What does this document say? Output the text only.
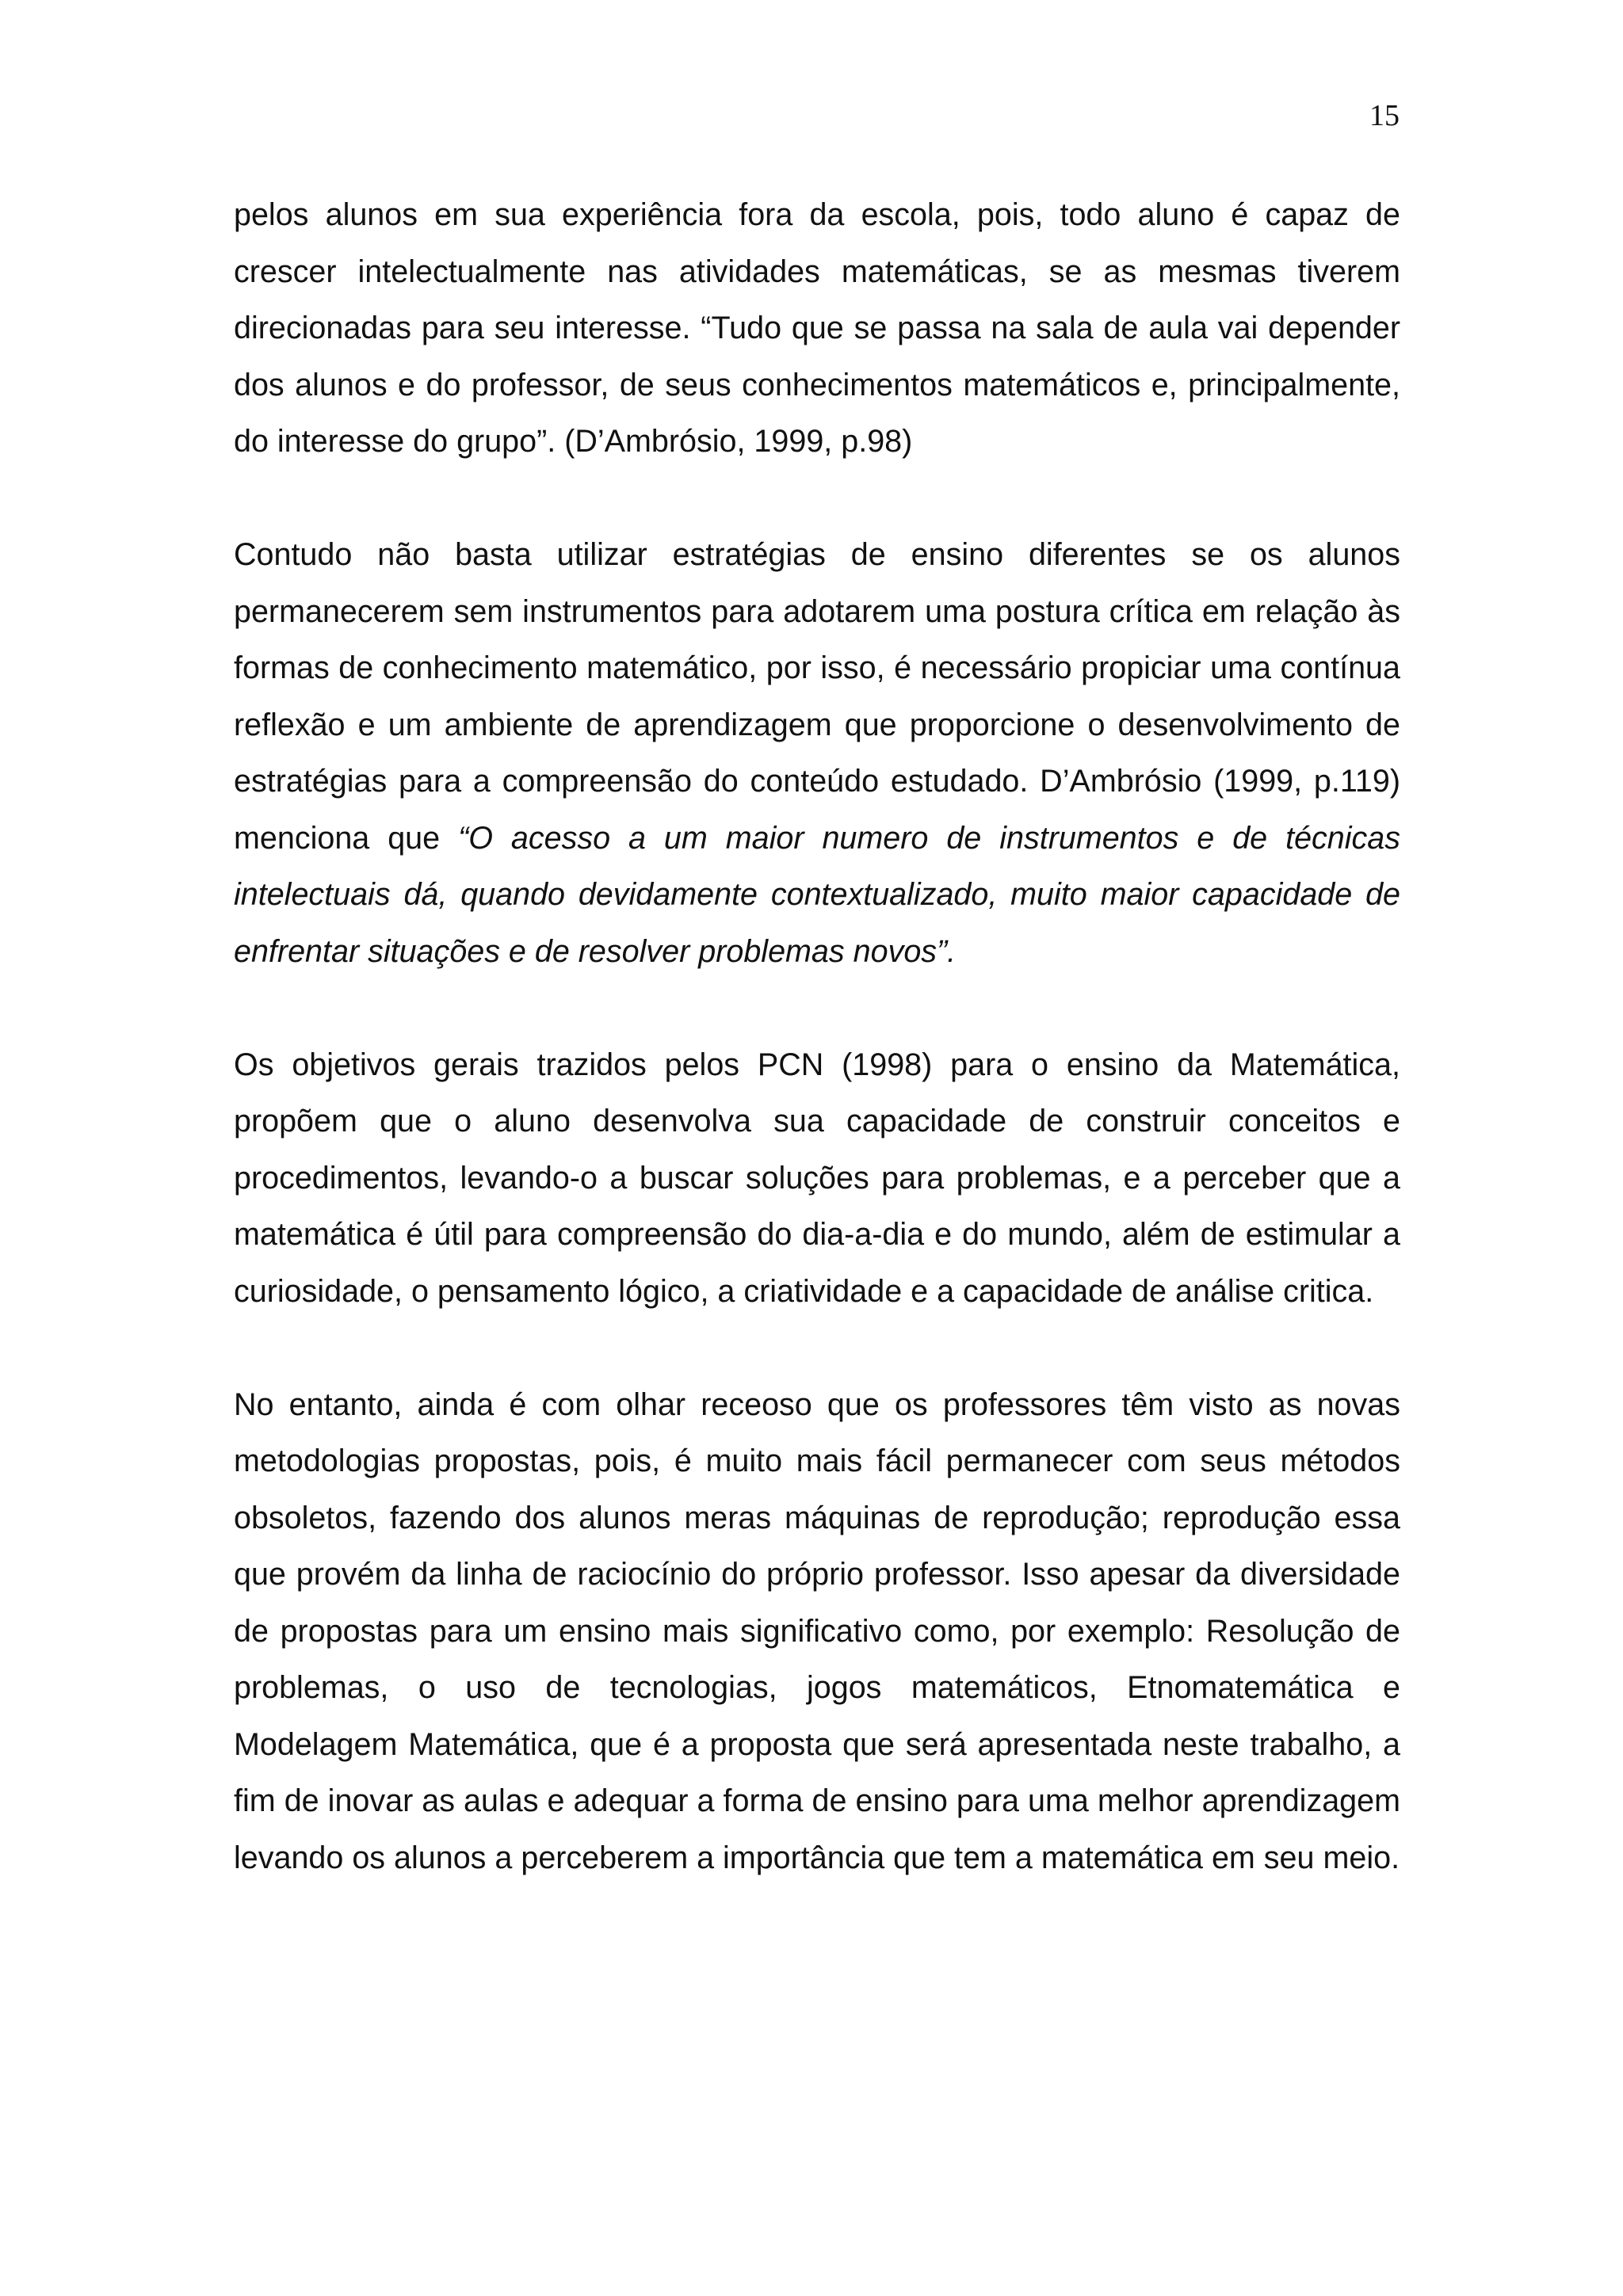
15

pelos alunos em sua experiência fora da escola, pois, todo aluno é capaz de crescer intelectualmente nas atividades matemáticas, se as mesmas tiverem direcionadas para seu interesse. “Tudo que se passa na sala de aula vai depender dos alunos e do professor, de seus conhecimentos matemáticos e, principalmente, do interesse do grupo”. (D’Ambrósio, 1999, p.98)

Contudo não basta utilizar estratégias de ensino diferentes se os alunos permanecerem sem instrumentos para adotarem uma postura crítica em relação às formas de conhecimento matemático, por isso, é necessário propiciar uma contínua reflexão e um ambiente de aprendizagem que proporcione o desenvolvimento de estratégias para a compreensão do conteúdo estudado. D’Ambrósio (1999, p.119) menciona que “O acesso a um maior numero de instrumentos e de técnicas intelectuais dá, quando devidamente contextualizado, muito maior capacidade de enfrentar situações e de resolver problemas novos”.

Os objetivos gerais trazidos pelos PCN (1998) para o ensino da Matemática, propõem que o aluno desenvolva sua capacidade de construir conceitos e procedimentos, levando-o a buscar soluções para problemas, e a perceber que a matemática é útil para compreensão do dia-a-dia e do mundo, além de estimular a curiosidade, o pensamento lógico, a criatividade e a capacidade de análise critica.

No entanto, ainda é com olhar receoso que os professores têm visto as novas metodologias propostas, pois, é muito mais fácil permanecer com seus métodos obsoletos, fazendo dos alunos meras máquinas de reprodução; reprodução essa que provém da linha de raciocínio do próprio professor. Isso apesar da diversidade de propostas para um ensino mais significativo como, por exemplo: Resolução de problemas, o uso de tecnologias, jogos matemáticos, Etnomatemática e Modelagem Matemática, que é a proposta que será apresentada neste trabalho, a fim de inovar as aulas e adequar a forma de ensino para uma melhor aprendizagem levando os alunos a perceberem a importância que tem a matemática em seu meio.
